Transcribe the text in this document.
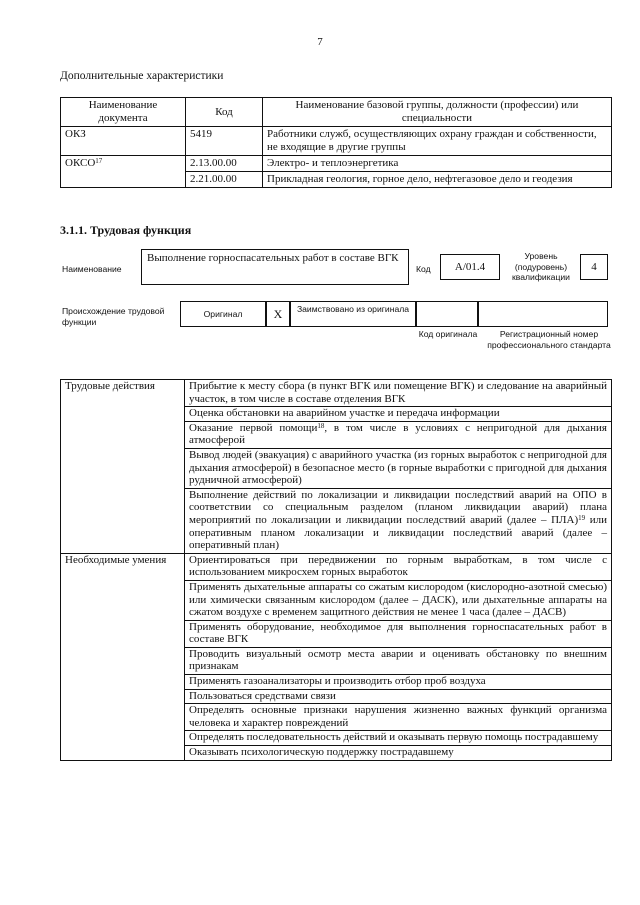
7
Дополнительные характеристики
Наименование документа	Код	Наименование базовой группы, должности (профессии) или специальности
ОКЗ	5419	Работники служб, осуществляющих охрану граждан и собственности, не входящие в другие группы
ОКСО$^{17}$	2.13.00.00	Электро- и теплоэнергетика
	2.21.00.00	Прикладная геология, горное дело, нефтегазовое дело и геодезия
3.1.1. Трудовая функция
Наименование
Выполнение горноспасательных работ в составе ВГК
Код	A/01.4
Уровень (подуровень) квалификации
4
Происхождение трудовой функции
Оригинал	X	Заимствовано из оригинала
Код оригинала	Регистрационный номер профессионального стандарта
Трудовые действия	Прибытие к месту сбора (в пункт ВГК или помещение ВГК) и следование на аварийный участок, в том числе в составе отделения ВГК
	Оценка обстановки на аварийном участке и передача информации
	Оказание первой помощи$^{18}$, в том числе в условиях с непригодной для дыхания атмосферой
	Вывод людей (эвакуация) с аварийного участка (из горных выработок с непригодной для дыхания атмосферой) в безопасное место (в горные выработки с пригодной для дыхания рудничной атмосферой)
	Выполнение действий по локализации и ликвидации последствий аварий на ОПО в соответствии со специальным разделом (планом ликвидации аварий) плана мероприятий по локализации и ликвидации последствий аварий (далее – ПЛА)$^{19}$ или оперативным планом локализации и ликвидации последствий аварий (далее – оперативный план)
Необходимые умения	Ориентироваться при передвижении по горным выработкам, в том числе с использованием микросхем горных выработок
	Применять дыхательные аппараты со сжатым кислородом (кислородно-азотной смесью) или химически связанным кислородом (далее – ДАСК), или дыхательные аппараты на сжатом воздухе с временем защитного действия не менее 1 часа (далее – ДАСВ)
	Применять оборудование, необходимое для выполнения горноспасательных работ в составе ВГК
	Проводить визуальный осмотр места аварии и оценивать обстановку по внешним признакам
	Применять газоанализаторы и производить отбор проб воздуха
	Пользоваться средствами связи
	Определять основные признаки нарушения жизненно важных функций организма человека и характер повреждений
	Определять последовательность действий и оказывать первую помощь пострадавшему
	Оказывать психологическую поддержку пострадавшему
